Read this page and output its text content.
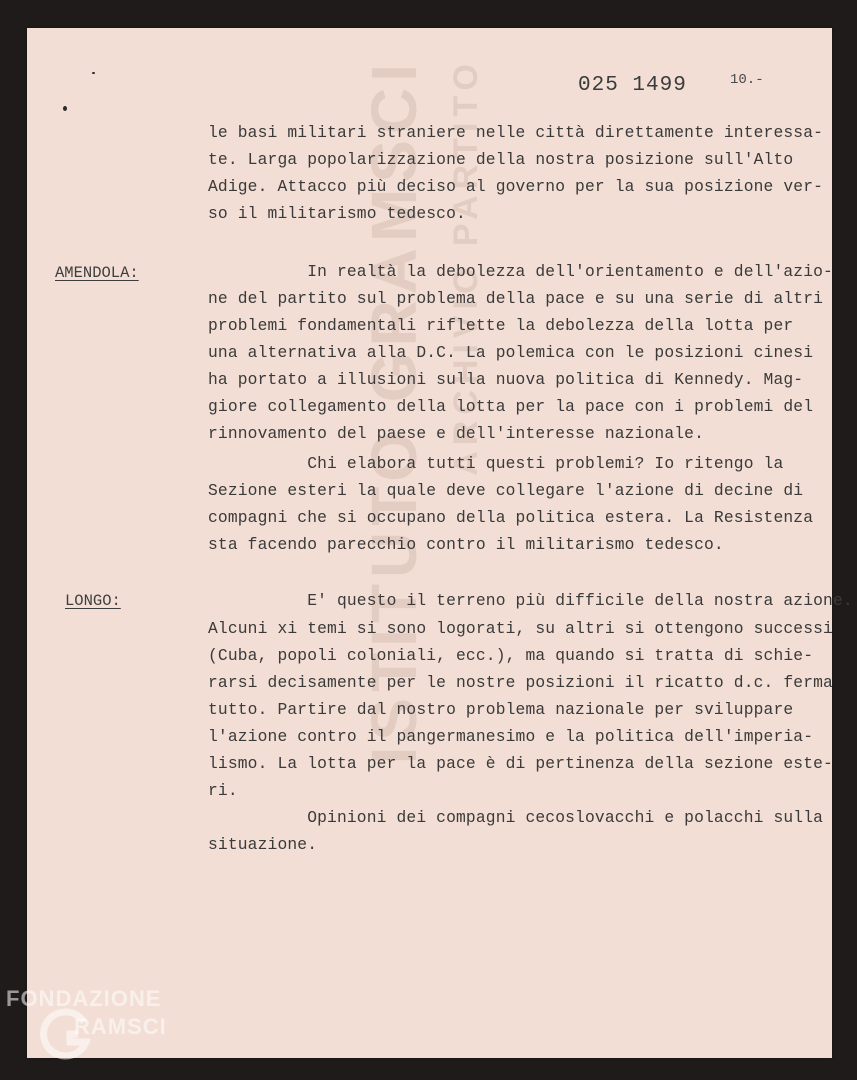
ISTITUTO GRAMSCI ARCHIVIO PARTITO	025 1499	10.-
le basi militari straniere nelle città direttamente interessa-
te. Larga popolarizzazione della nostra posizione sull'Alto
Adige. Attacco più deciso al governo per la sua posizione ver-
so il militarismo tedesco.
AMENDOLA:	In realtà la debolezza dell'orientamento e dell'azio-
ne del partito sul problema della pace e su una serie di altri
problemi fondamentali riflette la debolezza della lotta per
una alternativa alla D.C. La polemica con le posizioni cinesi
ha portato a illusioni sulla nuova politica di Kennedy. Mag-
giore collegamento della lotta per la pace con i problemi del
rinnovamento del paese e dell'interesse nazionale.
Chi elabora tutti questi problemi? Io ritengo la
Sezione esteri la quale deve collegare l'azione di decine di
compagni che si occupano della politica estera. La Resistenza
sta facendo parecchio contro il militarismo tedesco.
LONGO:	E' questo il terreno più difficile della nostra azione.
Alcuni xi temi si sono logorati, su altri si ottengono successi
(Cuba, popoli coloniali, ecc.), ma quando si tratta di schie-
rarsi decisamente per le nostre posizioni il ricatto d.c. ferma
tutto. Partire dal nostro problema nazionale per sviluppare
l'azione contro il pangermanesimo e la politica dell'imperia-
lismo. La lotta per la pace è di pertinenza della sezione este-
ri.
Opinioni dei compagni cecoslovacchi e polacchi sulla
situazione.
FONDAZIONE
RAMSCI
